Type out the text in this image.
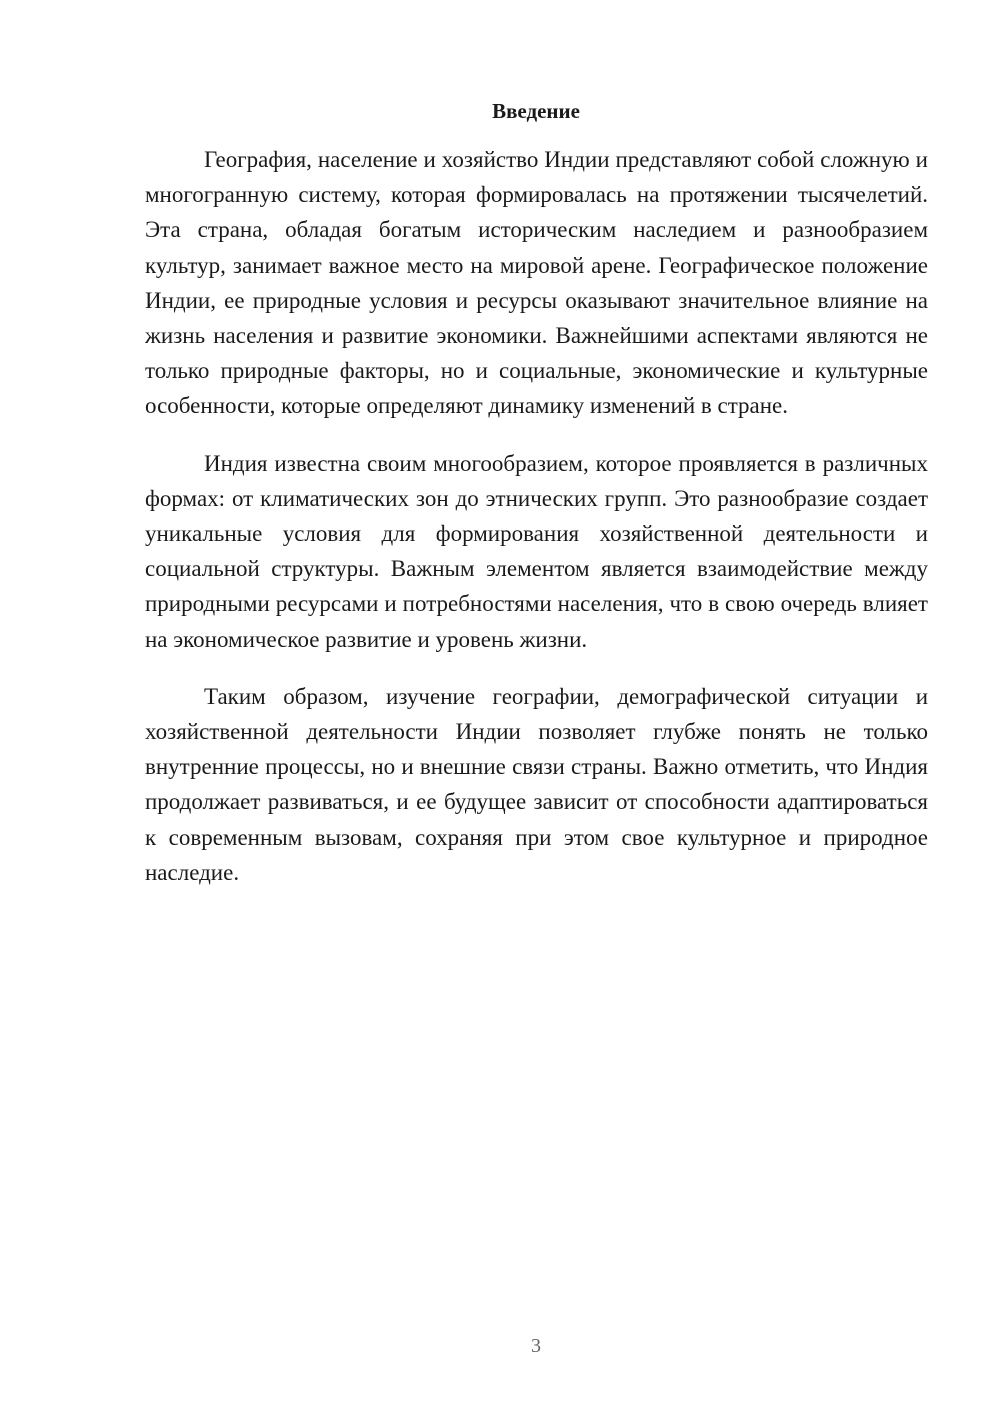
Введение

География, население и хозяйство Индии представляют собой сложную и многогранную систему, которая формировалась на протяжении тысячелетий. Эта страна, обладая богатым историческим наследием и разнообразием культур, занимает важное место на мировой арене. Географическое положение Индии, ее природные условия и ресурсы оказывают значительное влияние на жизнь населения и развитие экономики. Важнейшими аспектами являются не только природные факторы, но и социальные, экономические и культурные особенности, которые определяют динамику изменений в стране.

Индия известна своим многообразием, которое проявляется в различных формах: от климатических зон до этнических групп. Это разнообразие создает уникальные условия для формирования хозяйственной деятельности и социальной структуры. Важным элементом является взаимодействие между природными ресурсами и потребностями населения, что в свою очередь влияет на экономическое развитие и уровень жизни.

Таким образом, изучение географии, демографической ситуации и хозяйственной деятельности Индии позволяет глубже понять не только внутренние процессы, но и внешние связи страны. Важно отметить, что Индия продолжает развиваться, и ее будущее зависит от способности адаптироваться к современным вызовам, сохраняя при этом свое культурное и природное наследие.

3
